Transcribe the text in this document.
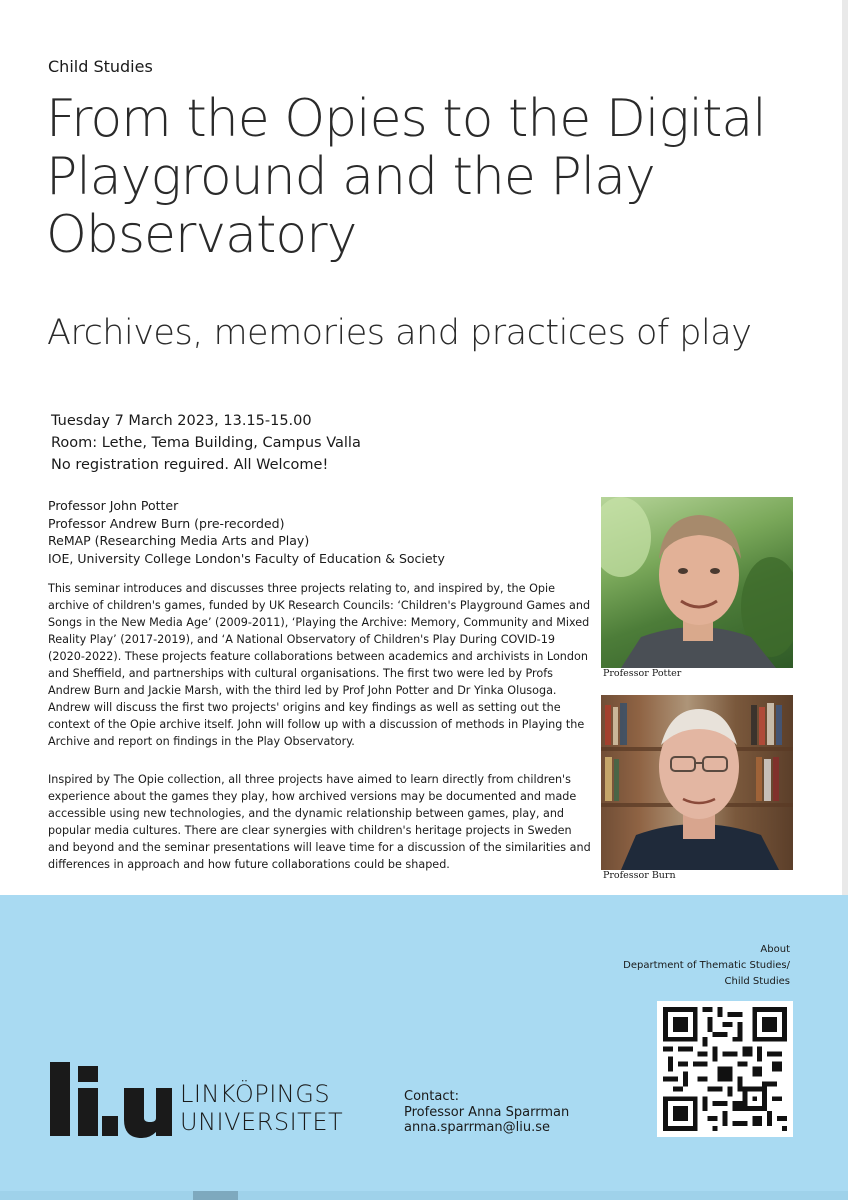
Child Studies
From the Opies to the Digital
Playground and the Play
Observatory
Archives, memories and practices of play
Tuesday 7 March 2023, 13.15-15.00
Room: Lethe, Tema Building, Campus Valla
No registration reguired. All Welcome!
Professor John Potter
Professor Andrew Burn (pre-recorded)
ReMAP (Researching Media Arts and Play)
IOE, University College London's Faculty of Education & Society

This seminar introduces and discusses three projects relating to, and inspired by, the Opie archive of children's games, funded by UK Research Councils: ‘Children's Playground Games and Songs in the New Media Age’ (2009-2011), ‘Playing the Archive: Memory, Community and Mixed Reality Play’ (2017-2019), and ‘A National Observatory of Children's Play During COVID-19 (2020-2022). These projects feature collaborations between academics and archivists in London and Sheffield, and partnerships with cultural organisations. The first two were led by Profs Andrew Burn and Jackie Marsh, with the third led by Prof John Potter and Dr Yinka Olusoga. Andrew will discuss the first two projects' origins and key findings as well as setting out the context of the Opie archive itself. John will follow up with a discussion of methods in Playing the Archive and report on findings in the Play Observatory.

Inspired by The Opie collection, all three projects have aimed to learn directly from children's experience about the games they play, how archived versions may be documented and made accessible using new technologies, and the dynamic relationship between games, play, and popular media cultures. There are clear synergies with children's heritage projects in Sweden and beyond and the seminar presentations will leave time for a discussion of the similarities and differences in approach and how future collaborations could be shaped.

Professor Potter
Professor Burn
About
Department of Thematic Studies/
Child Studies
LINKÖPINGS
UNIVERSITET
Contact:
Professor Anna Sparrman
anna.sparrman@liu.se
